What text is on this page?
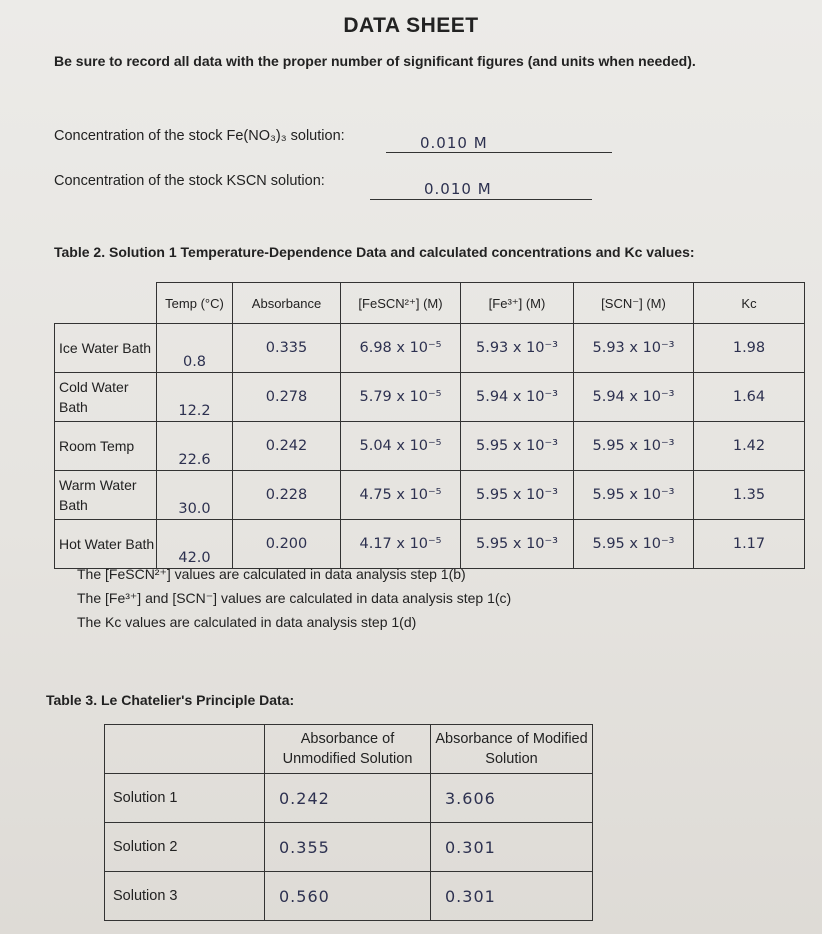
DATA SHEET
Be sure to record all data with the proper number of significant figures (and units when needed).
Concentration of the stock Fe(NO₃)₃ solution:	0.010 M
Concentration of the stock KSCN solution:	0.010 M
Table 2. Solution 1 Temperature-Dependence Data and calculated concentrations and Kc values:
	Temp (°C)	Absorbance	[FeSCN²⁺] (M)	[Fe³⁺] (M)	[SCN⁻] (M)	Kc
Ice Water Bath	0.8	0.335	6.98 x 10⁻⁵	5.93 x 10⁻³	5.93 x 10⁻³	1.98
Cold Water Bath	12.2	0.278	5.79 x 10⁻⁵	5.94 x 10⁻³	5.94 x 10⁻³	1.64
Room Temp	22.6	0.242	5.04 x 10⁻⁵	5.95 x 10⁻³	5.95 x 10⁻³	1.42
Warm Water Bath	30.0	0.228	4.75 x 10⁻⁵	5.95 x 10⁻³	5.95 x 10⁻³	1.35
Hot Water Bath	42.0	0.200	4.17 x 10⁻⁵	5.95 x 10⁻³	5.95 x 10⁻³	1.17
The [FeSCN²⁺] values are calculated in data analysis step 1(b)
The [Fe³⁺] and [SCN⁻] values are calculated in data analysis step 1(c)
The Kc values are calculated in data analysis step 1(d)
Table 3. Le Chatelier's Principle Data:
	Absorbance of Unmodified Solution	Absorbance of Modified Solution
Solution 1	0.242	3.606
Solution 2	0.355	0.301
Solution 3	0.560	0.301
